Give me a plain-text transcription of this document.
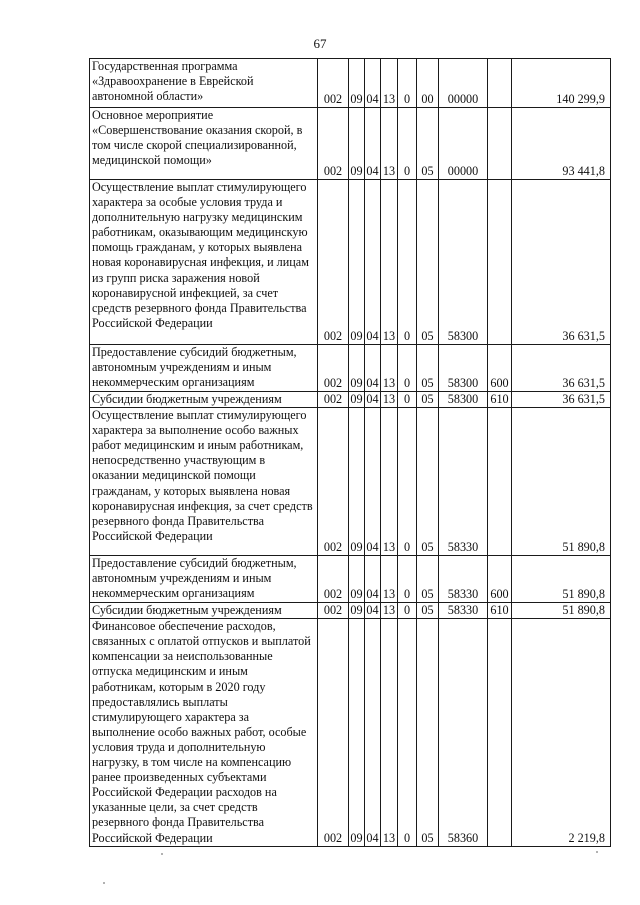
67
Государственная программа «Здравоохранение в Еврейской автономной области»	002	09	04	13	0	00	00000		140 299,9
Основное мероприятие «Совершенствование оказания скорой, в том числе скорой специализированной, медицинской помощи»	002	09	04	13	0	05	00000		93 441,8
Осуществление выплат стимулирующего характера за особые условия труда и дополнительную нагрузку медицинским работникам, оказывающим медицинскую помощь гражданам, у которых выявлена новая коронавирусная инфекция, и лицам из групп риска заражения новой коронавирусной инфекцией, за счет средств резервного фонда Правительства Российской Федерации	002	09	04	13	0	05	58300		36 631,5
Предоставление субсидий бюджетным, автономным учреждениям и иным некоммерческим организациям	002	09	04	13	0	05	58300	600	36 631,5
Субсидии бюджетным учреждениям	002	09	04	13	0	05	58300	610	36 631,5
Осуществление выплат стимулирующего характера за выполнение особо важных работ медицинским и иным работникам, непосредственно участвующим в оказании медицинской помощи гражданам, у которых выявлена новая коронавирусная инфекция, за счет средств резервного фонда Правительства Российской Федерации	002	09	04	13	0	05	58330		51 890,8
Предоставление субсидий бюджетным, автономным учреждениям и иным некоммерческим организациям	002	09	04	13	0	05	58330	600	51 890,8
Субсидии бюджетным учреждениям	002	09	04	13	0	05	58330	610	51 890,8
Финансовое обеспечение расходов, связанных с оплатой отпусков и выплатой компенсации за неиспользованные отпуска медицинским и иным работникам, которым в 2020 году предоставлялись выплаты стимулирующего характера за выполнение особо важных работ, особые условия труда и дополнительную нагрузку, в том числе на компенсацию ранее произведенных субъектами Российской Федерации расходов на указанные цели, за счет средств резервного фонда Правительства Российской Федерации	002	09	04	13	0	05	58360		2 219,8
